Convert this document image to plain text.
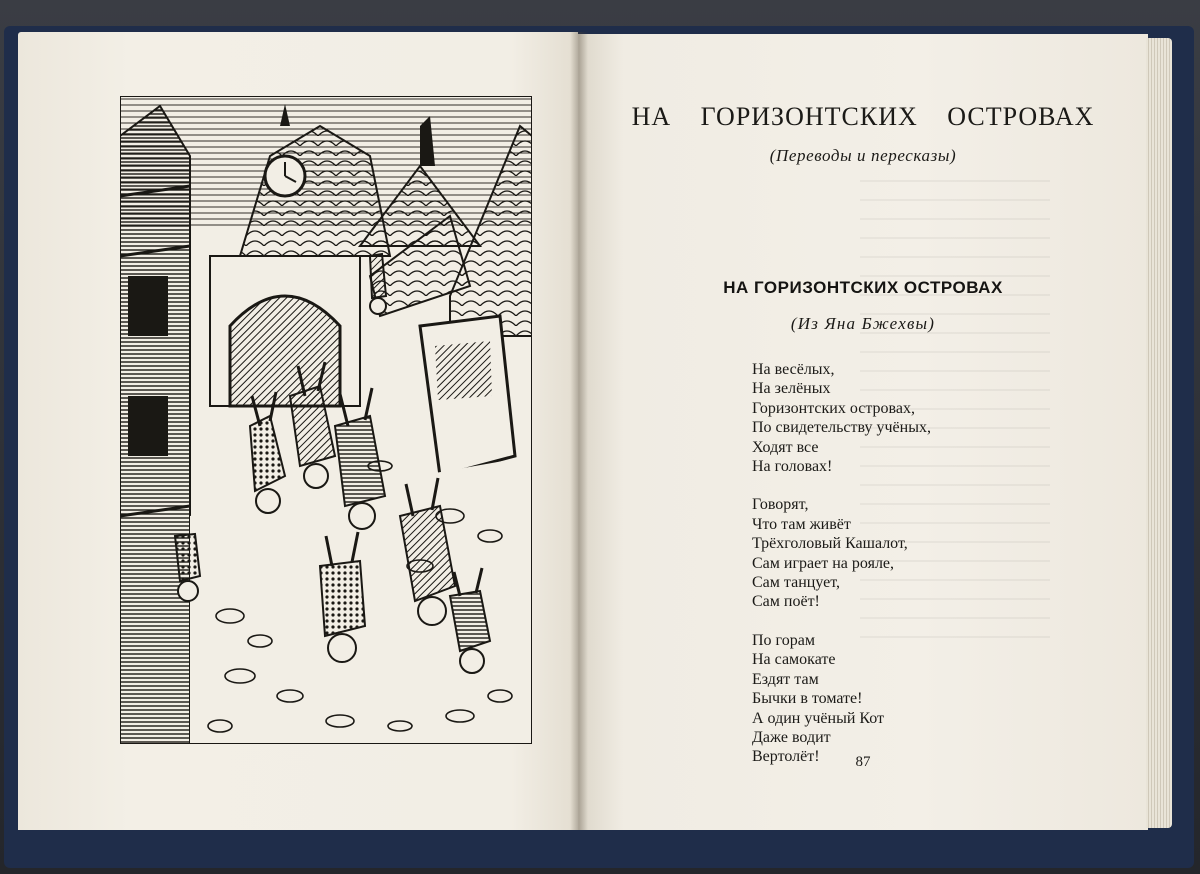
НА ГОРИЗОНТСКИХ ОСТРОВАХ
(Переводы и пересказы)
НА ГОРИЗОНТСКИХ ОСТРОВАХ
(Из Яна Бжехвы)
На весёлых,
На зелёных
Горизонтских островах,
По свидетельству учёных,
Ходят все
На головах!
Говорят,
Что там живёт
Трёхголовый Кашалот,
Сам играет на рояле,
Сам танцует,
Сам поёт!
По горам
На самокате
Ездят там
Бычки в томате!
А один учёный Кот
Даже водит
Вертолёт!	87
